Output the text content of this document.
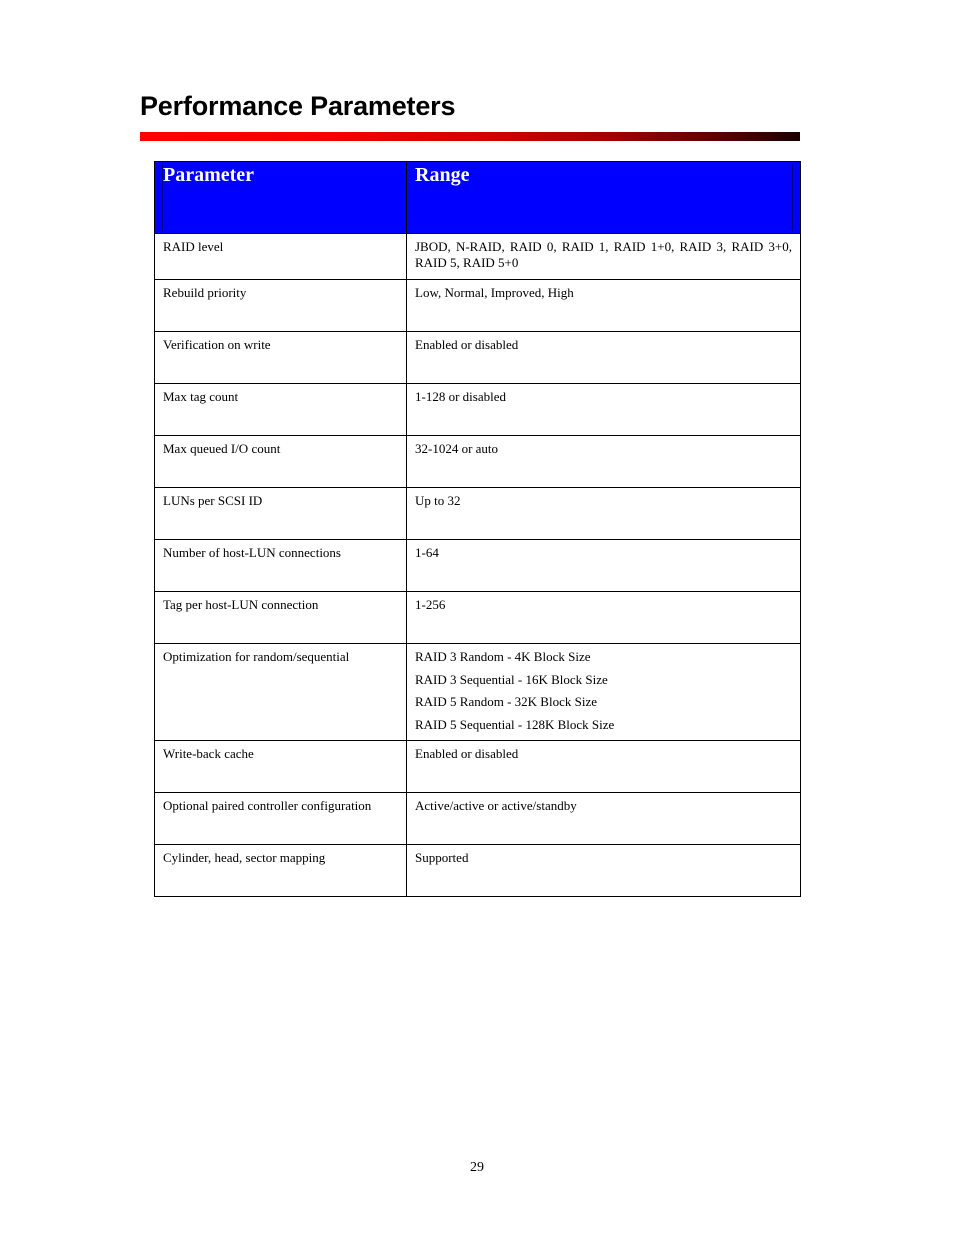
Performance Parameters
Parameter	Range
RAID level	JBOD, N-RAID, RAID 0, RAID 1, RAID 1+0, RAID 3, RAID 3+0, RAID 5, RAID 5+0
Rebuild priority	Low, Normal, Improved, High
Verification on write	Enabled or disabled
Max tag count	1-128 or disabled
Max queued I/O count	32-1024 or auto
LUNs per SCSI ID	Up to 32
Number of host-LUN connections	1-64
Tag per host-LUN connection	1-256
Optimization for random/sequential	RAID 3 Random - 4K Block Size
RAID 3 Sequential - 16K Block Size
RAID 5 Random - 32K Block Size
RAID 5 Sequential - 128K Block Size

Write-back cache	Enabled or disabled
Optional paired controller configuration	Active/active or active/standby
Cylinder, head, sector mapping	Supported
29
